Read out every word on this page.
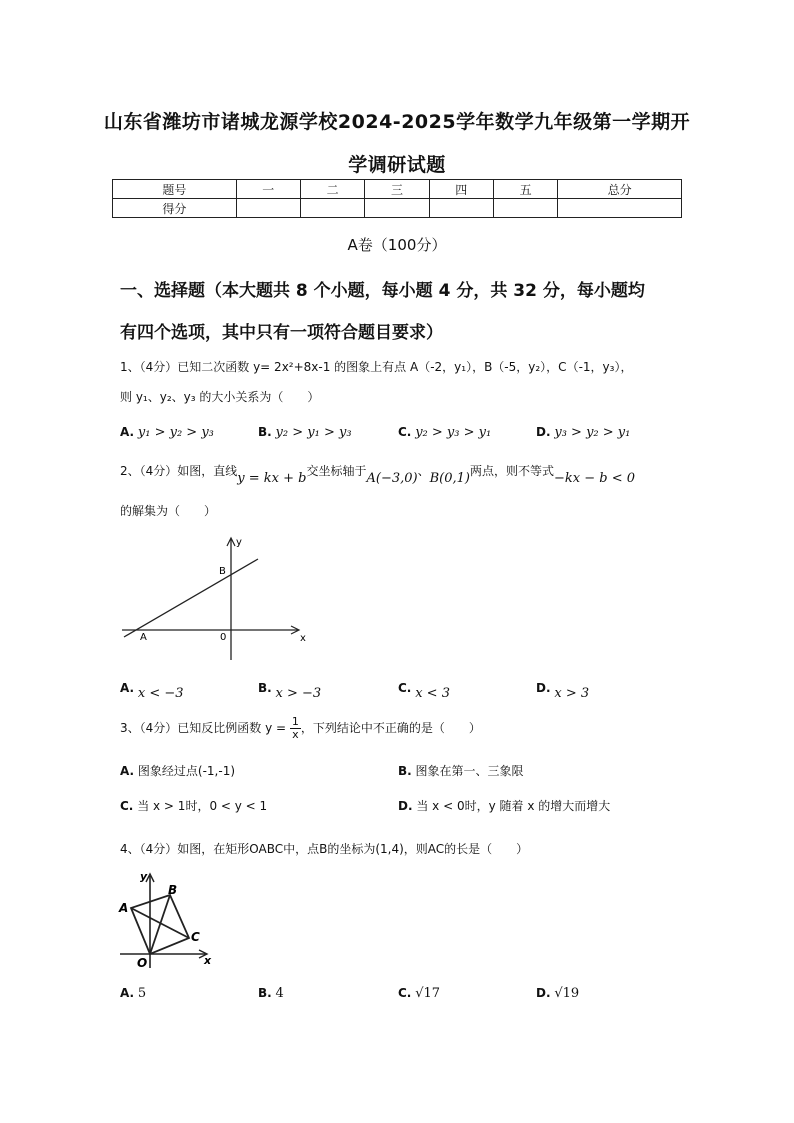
山东省潍坊市诸城龙源学校2024-2025学年数学九年级第一学期开
学调研试题
题号	一	二	三	四	五	总分
得分						
A卷（100分）
一、选择题（本大题共 8 个小题，每小题 4 分，共 32 分，每小题均
有四个选项，其中只有一项符合题目要求）
1、（4分）已知二次函数 y= 2x²+8x-1 的图象上有点 A（-2，y₁），B（-5，y₂），C（-1，y₃），
则 y₁、y₂、y₃ 的大小关系为（　　）
A. y₁ > y₂ > y₃	B. y₂ > y₁ > y₃	C. y₂ > y₃ > y₁	D. y₃ > y₂ > y₁
2、（4分）如图，直线y = kx + b交坐标轴于A(−3,0)、B(0,1)两点，则不等式−kx − b < 0
的解集为（　　）
y
x
B
A	0
A. x < −3	B. x > −3	C. x < 3	D. x > 3
3、（4分）已知反比例函数 $y = \frac{1}{x}$ ，下列结论中不正确的是（　　）
A. 图象经过点(-1,-1)	B. 图象在第一、三象限
C. 当 x > 1时，0 < y < 1	D. 当 x < 0时，y 随着 x 的增大而增大
4、（4分）如图，在矩形OABC中，点B的坐标为(1,4)，则AC的长是（　　）
y
x
A
B
C
O
A. 5	B. 4	C. √17	D. √19
